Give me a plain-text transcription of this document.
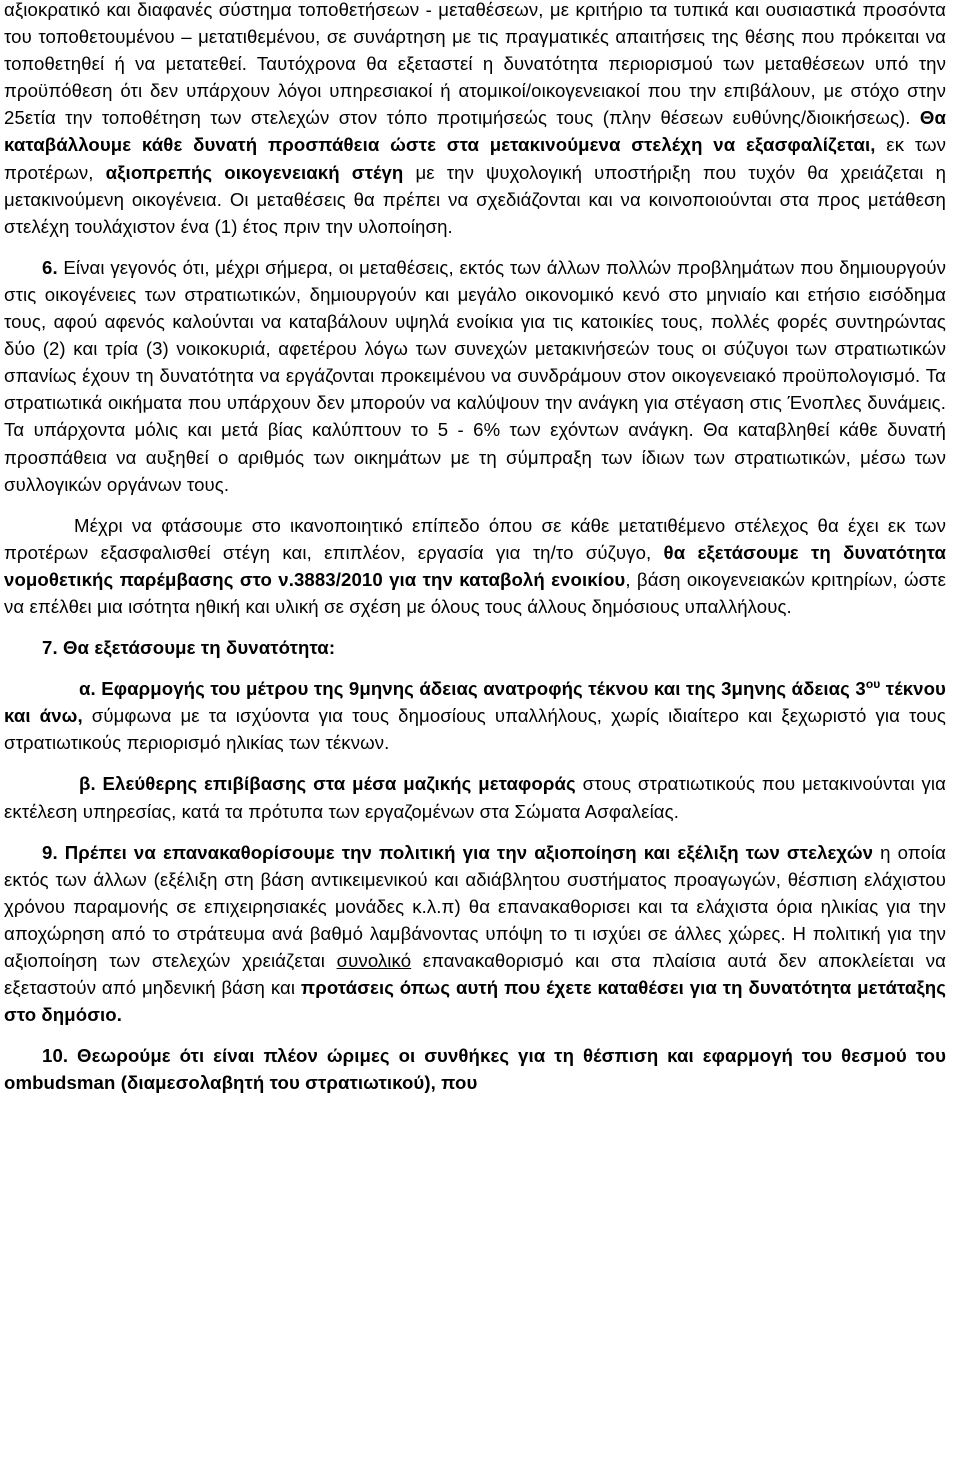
αξιοκρατικό και διαφανές σύστημα τοποθετήσεων - μεταθέσεων, με κριτήριο τα τυπικά και ουσιαστικά προσόντα του τοποθετουμένου – μετατιθεμένου, σε συνάρτηση με τις πραγματικές απαιτήσεις της θέσης που πρόκειται να τοποθετηθεί ή να μετατεθεί. Ταυτόχρονα θα εξεταστεί η δυνατότητα περιορισμού των μεταθέσεων υπό την προϋπόθεση ότι δεν υπάρχουν λόγοι υπηρεσιακοί ή ατομικοί/οικογενειακοί που την επιβάλουν, με στόχο στην 25ετία την τοποθέτηση των στελεχών στον τόπο προτιμήσεώς τους (πλην θέσεων ευθύνης/διοικήσεως). Θα καταβάλλουμε κάθε δυνατή προσπάθεια ώστε στα μετακινούμενα στελέχη να εξασφαλίζεται, εκ των προτέρων, αξιοπρεπής οικογενειακή στέγη με την ψυχολογική υποστήριξη που τυχόν θα χρειάζεται η μετακινούμενη οικογένεια. Οι μεταθέσεις θα πρέπει να σχεδιάζονται και να κοινοποιούνται στα προς μετάθεση στελέχη τουλάχιστον ένα (1) έτος πριν την υλοποίηση.

6. Είναι γεγονός ότι, μέχρι σήμερα, οι μεταθέσεις, εκτός των άλλων πολλών προβλημάτων που δημιουργούν στις οικογένειες των στρατιωτικών, δημιουργούν και μεγάλο οικονομικό κενό στο μηνιαίο και ετήσιο εισόδημα τους, αφού αφενός καλούνται να καταβάλουν υψηλά ενοίκια για τις κατοικίες τους, πολλές φορές συντηρώντας δύο (2) και τρία (3) νοικοκυριά, αφετέρου λόγω των συνεχών μετακινήσεών τους οι σύζυγοι των στρατιωτικών σπανίως έχουν τη δυνατότητα να εργάζονται προκειμένου να συνδράμουν στον οικογενειακό προϋπολογισμό. Τα στρατιωτικά οικήματα που υπάρχουν δεν μπορούν να καλύψουν την ανάγκη για στέγαση στις Ένοπλες δυνάμεις. Τα υπάρχοντα μόλις και μετά βίας καλύπτουν το 5 - 6% των εχόντων ανάγκη. Θα καταβληθεί κάθε δυνατή προσπάθεια να αυξηθεί ο αριθμός των οικημάτων με τη σύμπραξη των ίδιων των στρατιωτικών, μέσω των συλλογικών οργάνων τους.

Μέχρι να φτάσουμε στο ικανοποιητικό επίπεδο όπου σε κάθε μετατιθέμενο στέλεχος θα έχει εκ των προτέρων εξασφαλισθεί στέγη και, επιπλέον, εργασία για τη/το σύζυγο, θα εξετάσουμε τη δυνατότητα νομοθετικής παρέμβασης στο ν.3883/2010 για την καταβολή ενοικίου, βάση οικογενειακών κριτηρίων, ώστε να επέλθει μια ισότητα ηθική και υλική σε σχέση με όλους τους άλλους δημόσιους υπαλλήλους.

7. Θα εξετάσουμε τη δυνατότητα:

α. Εφαρμογής του μέτρου της 9μηνης άδειας ανατροφής τέκνου και της 3μηνης άδειας $3^{o\upsilon}$ τέκνου και άνω, σύμφωνα με τα ισχύοντα για τους δημοσίους υπαλλήλους, χωρίς ιδιαίτερο και ξεχωριστό για τους στρατιωτικούς περιορισμό ηλικίας των τέκνων.

β. Ελεύθερης επιβίβασης στα μέσα μαζικής μεταφοράς στους στρατιωτικούς που μετακινούνται για εκτέλεση υπηρεσίας, κατά τα πρότυπα των εργαζομένων στα Σώματα Ασφαλείας.

9. Πρέπει να επανακαθορίσουμε την πολιτική για την αξιοποίηση και εξέλιξη των στελεχών η οποία εκτός των άλλων (εξέλιξη στη βάση αντικειμενικού και αδιάβλητου συστήματος προαγωγών, θέσπιση ελάχιστου χρόνου παραμονής σε επιχειρησιακές μονάδες κ.λ.π) θα επανακαθορισει και τα ελάχιστα όρια ηλικίας για την αποχώρηση από το στράτευμα ανά βαθμό λαμβάνοντας υπόψη το τι ισχύει σε άλλες χώρες. Η πολιτική για την αξιοποίηση των στελεχών χρειάζεται συνολικό επανακαθορισμό και στα πλαίσια αυτά δεν αποκλείεται να εξεταστούν από μηδενική βάση και προτάσεις όπως αυτή που έχετε καταθέσει για τη δυνατότητα μετάταξης στο δημόσιο.

10. Θεωρούμε ότι είναι πλέον ώριμες οι συνθήκες για τη θέσπιση και εφαρμογή του θεσμού του ombudsman (διαμεσολαβητή του στρατιωτικού), που
